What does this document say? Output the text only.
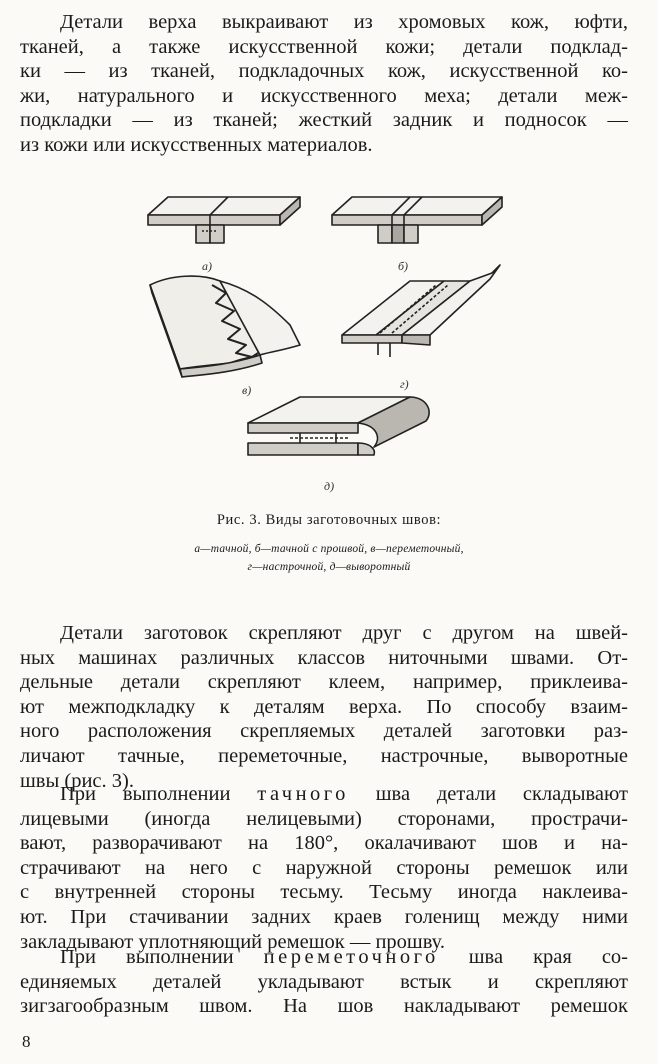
Детали верха выкраивают из хромовых кож, юфти,
тканей, а также искусственной кожи; детали подклад-
ки — из тканей, подкладочных кож, искусственной ко-
жи, натурального и искусственного меха; детали меж-
подкладки — из тканей; жесткий задник и подносок —
из кожи или искусственных материалов.
а)	б)
в)	г)
д)
Рис. 3. Виды заготовочных швов:
а—тачной, б—тачной с прошвой, в—переметочный,
г—настрочной, д—выворотный
Детали заготовок скрепляют друг с другом на швей-
ных машинах различных классов ниточными швами. От-
дельные детали скрепляют клеем, например, приклеива-
ют межподкладку к деталям верха. По способу взаим-
ного расположения скрепляемых деталей заготовки раз-
личают тачные, переметочные, настрочные, выворотные
швы (рис. 3).
При выполнении тачного шва детали складывают
лицевыми (иногда нелицевыми) сторонами, прострачи-
вают, разворачивают на 180°, окалачивают шов и на-
страчивают на него с наружной стороны ремешок или
с внутренней стороны тесьму. Тесьму иногда наклеива-
ют. При стачивании задних краев голенищ между ними
закладывают уплотняющий ремешок — прошву.
При выполнении переметочного шва края со-
единяемых деталей укладывают встык и скрепляют
зигзагообразным швом. На шов накладывают ремешок
8
